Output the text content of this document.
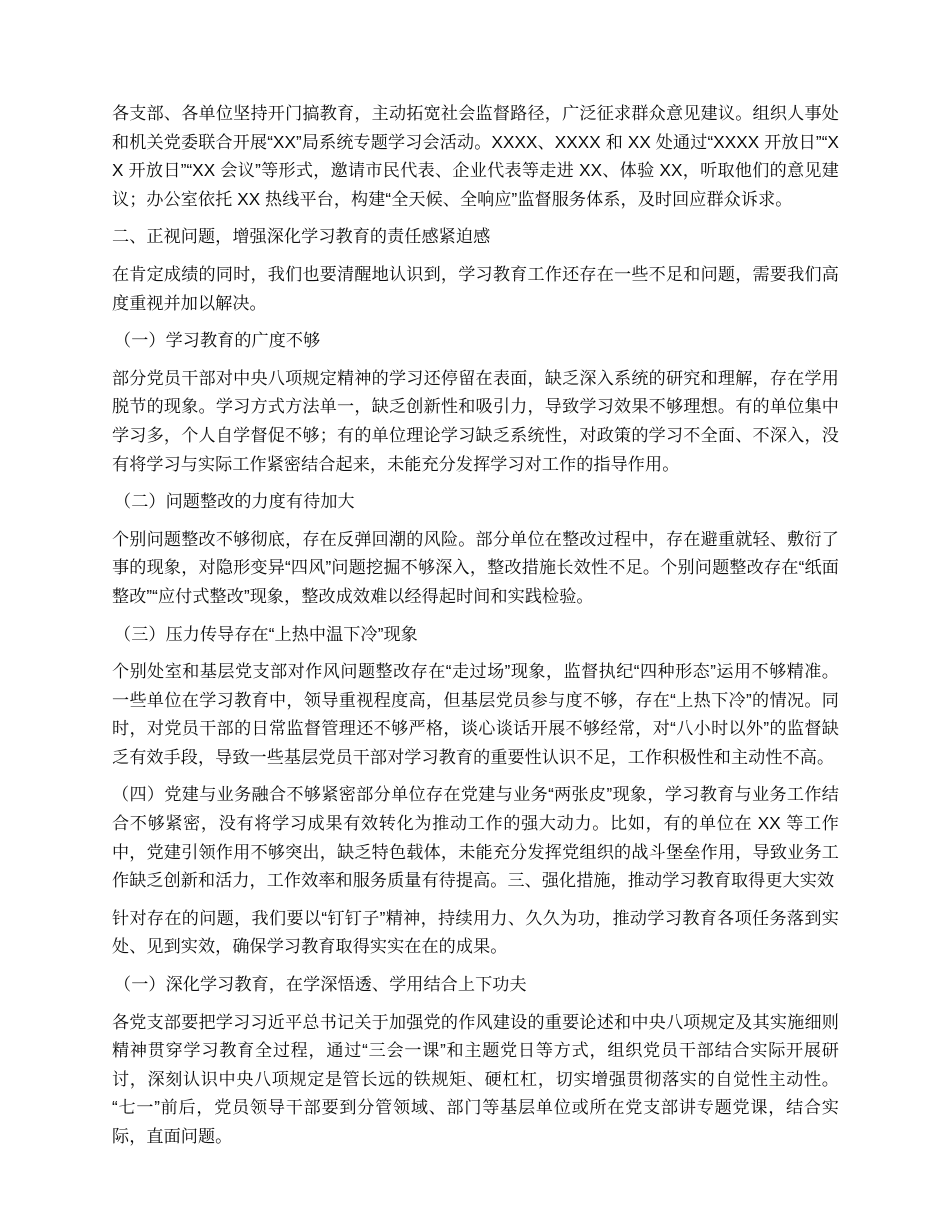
各支部、各单位坚持开门搞教育，主动拓宽社会监督路径，广泛征求群众意见建议。组织人事处和机关党委联合开展“XX”局系统专题学习会活动。XXXX、XXXX 和 XX 处通过“XXXX 开放日”“XX 开放日”“XX 会议”等形式，邀请市民代表、企业代表等走进 XX、体验 XX，听取他们的意见建议；办公室依托 XX 热线平台，构建“全天候、全响应”监督服务体系，及时回应群众诉求。

二、正视问题，增强深化学习教育的责任感紧迫感

在肯定成绩的同时，我们也要清醒地认识到，学习教育工作还存在一些不足和问题，需要我们高度重视并加以解决。

（一）学习教育的广度不够

部分党员干部对中央八项规定精神的学习还停留在表面，缺乏深入系统的研究和理解，存在学用脱节的现象。学习方式方法单一，缺乏创新性和吸引力，导致学习效果不够理想。有的单位集中学习多，个人自学督促不够；有的单位理论学习缺乏系统性，对政策的学习不全面、不深入，没有将学习与实际工作紧密结合起来，未能充分发挥学习对工作的指导作用。

（二）问题整改的力度有待加大

个别问题整改不够彻底，存在反弹回潮的风险。部分单位在整改过程中，存在避重就轻、敷衍了事的现象，对隐形变异“四风”问题挖掘不够深入，整改措施长效性不足。个别问题整改存在“纸面整改”“应付式整改”现象，整改成效难以经得起时间和实践检验。

（三）压力传导存在“上热中温下冷”现象

个别处室和基层党支部对作风问题整改存在“走过场”现象，监督执纪“四种形态”运用不够精准。一些单位在学习教育中，领导重视程度高，但基层党员参与度不够，存在“上热下冷”的情况。同时，对党员干部的日常监督管理还不够严格，谈心谈话开展不够经常，对“八小时以外”的监督缺乏有效手段，导致一些基层党员干部对学习教育的重要性认识不足，工作积极性和主动性不高。

（四）党建与业务融合不够紧密部分单位存在党建与业务“两张皮”现象，学习教育与业务工作结合不够紧密，没有将学习成果有效转化为推动工作的强大动力。比如，有的单位在 XX 等工作中，党建引领作用不够突出，缺乏特色载体，未能充分发挥党组织的战斗堡垒作用，导致业务工作缺乏创新和活力，工作效率和服务质量有待提高。三、强化措施，推动学习教育取得更大实效

针对存在的问题，我们要以“钉钉子”精神，持续用力、久久为功，推动学习教育各项任务落到实处、见到实效，确保学习教育取得实实在在的成果。

（一）深化学习教育，在学深悟透、学用结合上下功夫

各党支部要把学习习近平总书记关于加强党的作风建设的重要论述和中央八项规定及其实施细则精神贯穿学习教育全过程，通过“三会一课”和主题党日等方式，组织党员干部结合实际开展研讨，深刻认识中央八项规定是管长远的铁规矩、硬杠杠，切实增强贯彻落实的自觉性主动性。“七一”前后，党员领导干部要到分管领域、部门等基层单位或所在党支部讲专题党课，结合实际，直面问题。
